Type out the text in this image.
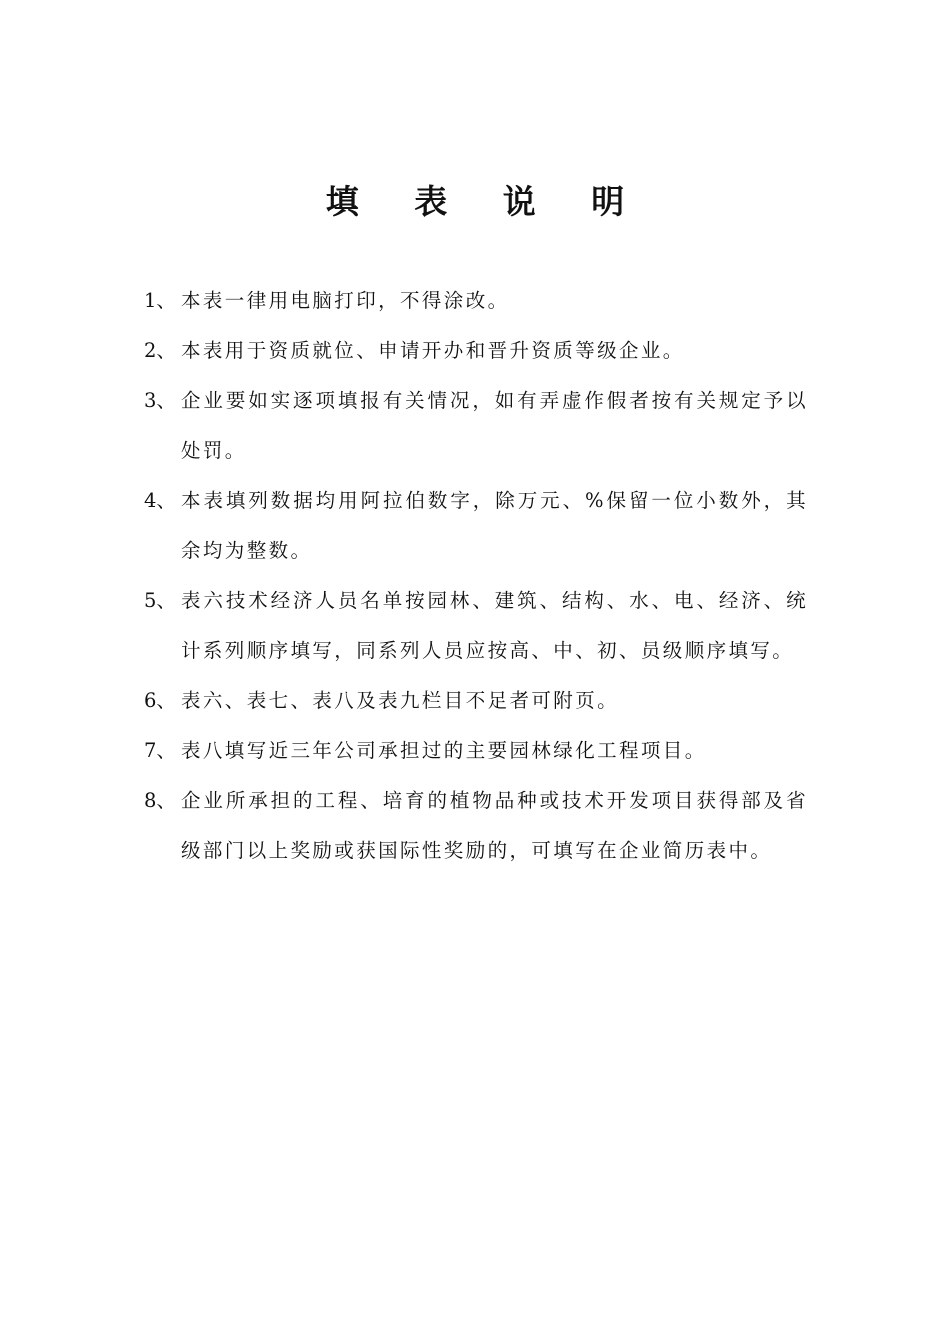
填 表 说 明
1、 本表一律用电脑打印，不得涂改。
2、 本表用于资质就位、申请开办和晋升资质等级企业。
3、 企业要如实逐项填报有关情况，如有弄虚作假者按有关规定予以处罚。
4、 本表填列数据均用阿拉伯数字，除万元、%保留一位小数外，其余均为整数。
5、 表六技术经济人员名单按园林、建筑、结构、水、电、经济、统计系列顺序填写，同系列人员应按高、中、初、员级顺序填写。
6、 表六、表七、表八及表九栏目不足者可附页。
7、 表八填写近三年公司承担过的主要园林绿化工程项目。
8、 企业所承担的工程、培育的植物品种或技术开发项目获得部及省级部门以上奖励或获国际性奖励的，可填写在企业简历表中。
